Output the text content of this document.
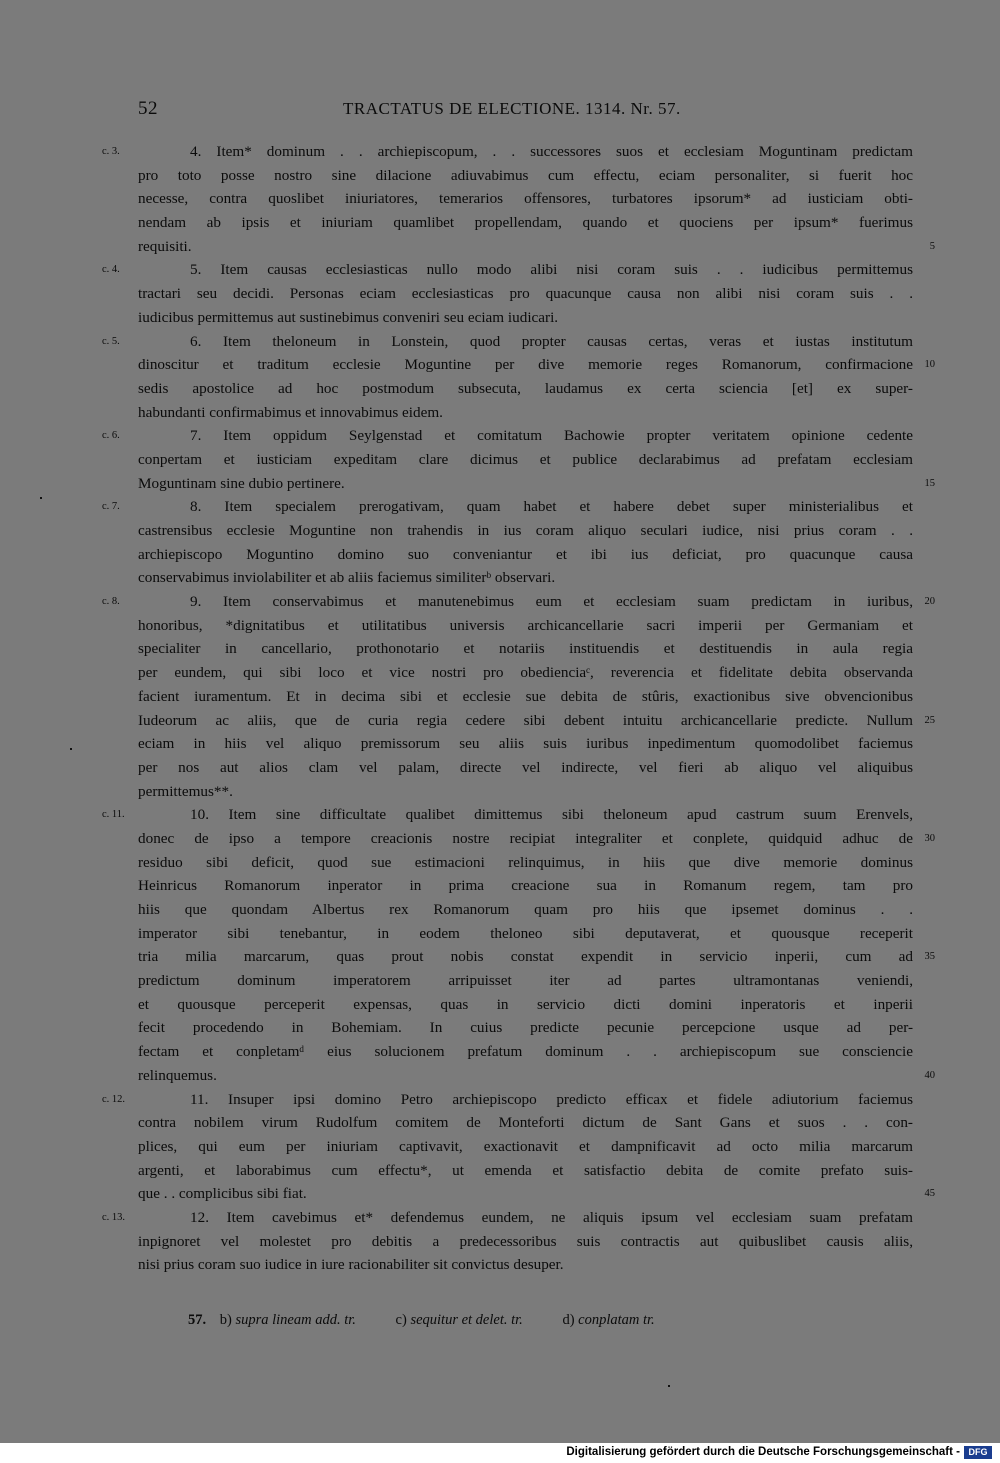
52	TRACTATUS DE ELECTIONE. 1314. Nr. 57.
c. 3.	4. Item* dominum . . archiepiscopum, . . successores suos et ecclesiam Moguntinam predictam
pro toto posse nostro sine dilacione adiuvabimus cum effectu, eciam personaliter, si fuerit hoc
necesse, contra quoslibet iniuriatores, temerarios offensores, turbatores ipsorum* ad iusticiam obti-
nendam ab ipsis et iniuriam quamlibet propellendam, quando et quociens per ipsum* fuerimus
requisiti.	5
c. 4.	5. Item causas ecclesiasticas nullo modo alibi nisi coram suis . . iudicibus permittemus
tractari seu decidi. Personas eciam ecclesiasticas pro quacunque causa non alibi nisi coram suis . .
iudicibus permittemus aut sustinebimus conveniri seu eciam iudicari.
c. 5.	6. Item theloneum in Lonstein, quod propter causas certas, veras et iustas institutum
dinoscitur et traditum ecclesie Moguntine per dive memorie reges Romanorum, confirmacione 10
sedis apostolice ad hoc postmodum subsecuta, laudamus ex certa sciencia [et] ex super-
habundanti confirmabimus et innovabimus eidem.
c. 6.	7. Item oppidum Seylgenstad et comitatum Bachowie propter veritatem opinione cedente
conpertam et iusticiam expeditam clare dicimus et publice declarabimus ad prefatam ecclesiam
Moguntinam sine dubio pertinere.	15
c. 7.	8. Item specialem prerogativam, quam habet et habere debet super ministerialibus et
castrensibus ecclesie Moguntine non trahendis in ius coram aliquo seculari iudice, nisi prius coram . .
archiepiscopo Moguntino domino suo conveniantur et ibi ius deficiat, pro quacunque causa
conservabimus inviolabiliter et ab aliis faciemus similiterᵇ observari.
c. 8.	9. Item conservabimus et manutenebimus eum et ecclesiam suam predictam in iuribus, 20
honoribus, *dignitatibus et utilitatibus universis archicancellarie sacri imperii per Germaniam et
specialiter in cancellario, prothonotario et notariis instituendis et destituendis in aula regia
per eundem, qui sibi loco et vice nostri pro obedienciaᶜ, reverencia et fidelitate debita observanda
facient iuramentum. Et in decima sibi et ecclesie sue debita de stûris, exactionibus sive obvencionibus
Iudeorum ac aliis, que de curia regia cedere sibi debent intuitu archicancellarie predicte. Nullum 25
eciam in hiis vel aliquo premissorum seu aliis suis iuribus inpedimentum quomodolibet faciemus
per nos aut alios clam vel palam, directe vel indirecte, vel fieri ab aliquo vel aliquibus
permittemus**.
c. 11.	10. Item sine difficultate qualibet dimittemus sibi theloneum apud castrum suum Erenvels,
donec de ipso a tempore creacionis nostre recipiat integraliter et conplete, quidquid adhuc de 30
residuo sibi deficit, quod sue estimacioni relinquimus, in hiis que dive memorie dominus
Heinricus Romanorum inperator in prima creacione sua in Romanum regem, tam pro
hiis que quondam Albertus rex Romanorum quam pro hiis que ipsemet dominus . .
imperator sibi tenebantur, in eodem theloneo sibi deputaverat, et quousque receperit
tria milia marcarum, quas prout nobis constat expendit in servicio inperii, cum ad 35
predictum dominum imperatorem arripuisset iter ad partes ultramontanas veniendi,
et quousque perceperit expensas, quas in servicio dicti domini inperatoris et inperii
fecit procedendo in Bohemiam. In cuius predicte pecunie percepcione usque ad per-
fectam et conpletamᵈ eius solucionem prefatum dominum . . archiepiscopum sue consciencie
relinquemus.	40
c. 12.	11. Insuper ipsi domino Petro archiepiscopo predicto efficax et fidele adiutorium faciemus
contra nobilem virum Rudolfum comitem de Monteforti dictum de Sant Gans et suos . . con-
plices, qui eum per iniuriam captivavit, exactionavit et dampnificavit ad octo milia marcarum
argenti, et laborabimus cum effectu*, ut emenda et satisfactio debita de comite prefato suis-
que . . complicibus sibi fiat.	45
c. 13.	12. Item cavebimus et* defendemus eundem, ne aliquis ipsum vel ecclesiam suam prefatam
inpignoret vel molestet pro debitis a predecessoribus suis contractis aut quibuslibet causis aliis,
nisi prius coram suo iudice in iure racionabiliter sit convictus desuper.
57. b) supra lineam add. tr.	c) sequitur et delet. tr.	d) conplatam tr.
Digitalisierung gefördert durch die Deutsche Forschungsgemeinschaft - DFG
